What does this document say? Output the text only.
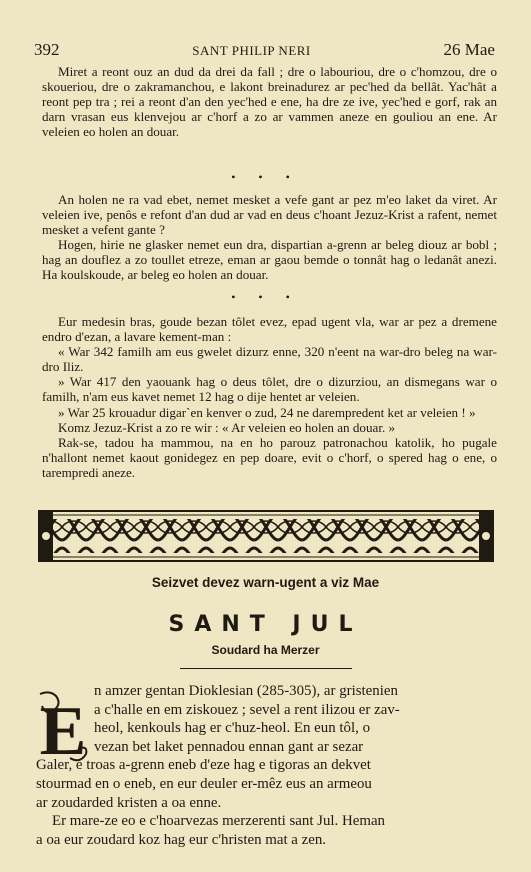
392	SANT PHILIP NERI	26 Mae

Miret a reont ouz an dud da drei da fall ; dre o labouriou, dre o c'homzou, dre o skoueriou, dre o zakramanchou, e lakont breinadurez ar pec'hed da bellât. Yac'hât a reont pep tra ; rei a reont d'an den yec'hed e ene, ha dre ze ive, yec'hed e gorf, rak an darn vrasan eus klenvejou ar c'horf a zo ar vammen aneze en gouliou an ene. Ar veleien eo holen an douar.

• • •

An holen ne ra vad ebet, nemet mesket a vefe gant ar pez m'eo laket da viret. Ar veleien ive, penôs e refont d'an dud ar vad en deus c'hoant Jezuz-Krist a rafent, nemet mesket a vefent gante ?

Hogen, hirie ne glasker nemet eun dra, dispartian a-grenn ar beleg diouz ar bobl ; hag an douflez a zo toullet etreze, eman ar gaou bemde o tonnât hag o ledanât anezi. Ha koulskoude, ar beleg eo holen an douar.

• • •

Eur medesin bras, goude bezan tôlet evez, epad ugent vla, war ar pez a dremene endro d'ezan, a lavare kement-man :

« War 342 familh am eus gwelet dizurz enne, 320 n'eent na war-dro beleg na war-dro Iliz.

» War 417 den yaouank hag o deus tôlet, dre o dizurziou, an dismegans war o familh, n'am eus kavet nemet 12 hag o dije hentet ar veleien.

» War 25 krouadur digar`en kenver o zud, 24 ne darempredent ket ar veleien ! »

Komz Jezuz-Krist a zo re wir : « Ar veleien eo holen an douar. »

Rak-se, tadou ha mammou, na en ho parouz patronachou katolik, ho pugale n'hallont nemet kaout gonidegez en pep doare, evit o c'horf, o spered hag o ene, o tarempredi aneze.

Seizvet devez warn-ugent a viz Mae
SANT JUL
Soudard ha Merzer
E
n amzer gentan Dioklesian (285-305), ar gristenien
a c'halle en em ziskouez ; sevel a rent ilizou er zav-
heol, kenkouls hag er c'huz-heol. En eun tôl, o
vezan bet laket pennadou ennan gant ar sezar
Galer, e troas a-grenn eneb d'eze hag e tigoras an dekvet
stourmad en o eneb, en eur deuler er-mêz eus an armeou
ar zoudarded kristen a oa enne.
Er mare-ze eo e c'hoarvezas merzerenti sant Jul. Heman
a oa eur zoudard koz hag eur c'hristen mat a zen.
